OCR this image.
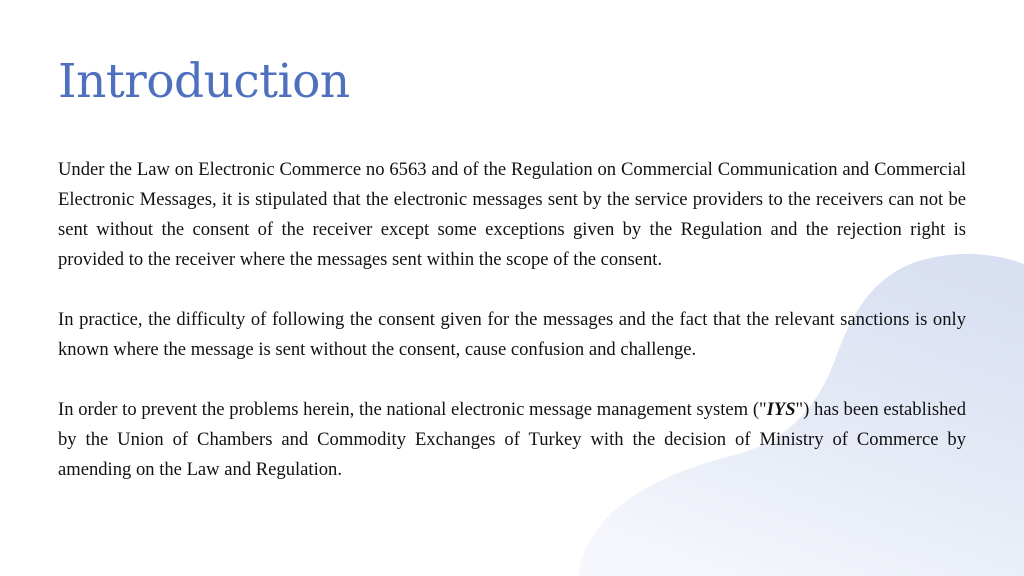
Introduction

Under the Law on Electronic Commerce no 6563 and of the Regulation on Commercial Communication and Commercial Electronic Messages, it is stipulated that the electronic messages sent by the service providers to the receivers can not be sent without the consent of the receiver except some exceptions given by the Regulation and the rejection right is provided to the receiver where the messages sent within the scope of the consent.

In practice, the difficulty of following the consent given for the messages and the fact that the relevant sanctions is only known where the message is sent without the consent, cause confusion and challenge.

In order to prevent the problems herein, the national electronic message management system ("IYS") has been established by the Union of Chambers and Commodity Exchanges of Turkey with the decision of Ministry of Commerce by amending on the Law and Regulation.
